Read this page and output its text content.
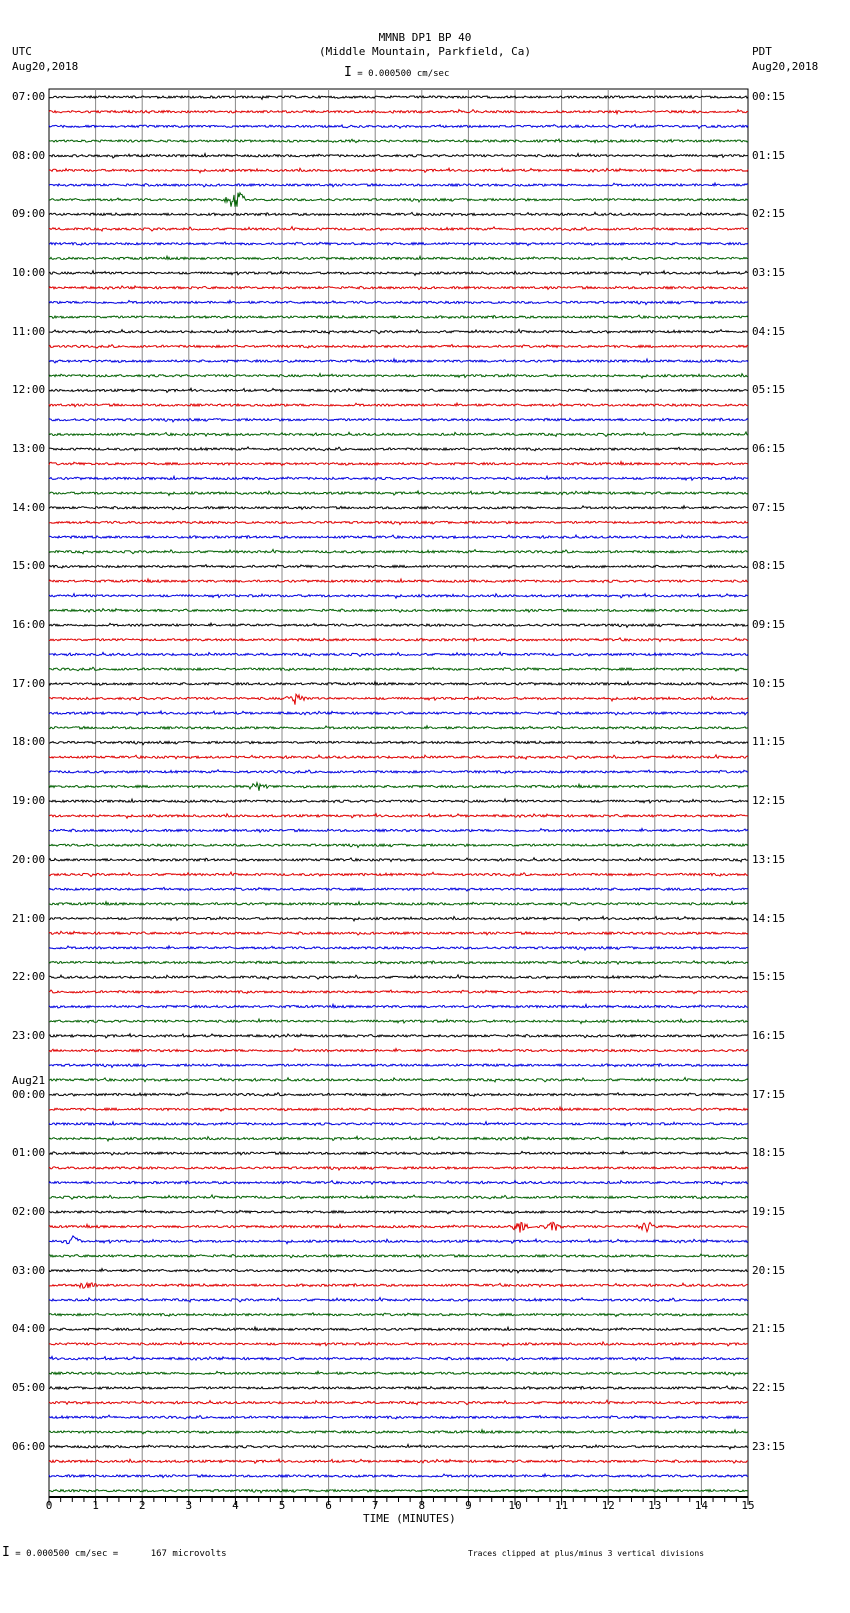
MMNB DP1 BP 40
(Middle Mountain, Parkfield, Ca)
UTC
Aug20,2018
PDT
Aug20,2018
I = 0.000500 cm/sec
TIME (MINUTES)
I = 0.000500 cm/sec =      167 microvolts	Traces clipped at plus/minus 3 vertical divisions
0	1	2	3	4	5	6	7	8	9	10	11	12	13	14	15
07:00
08:00
09:00
10:00
11:00
12:00
13:00
14:00
15:00
16:00
17:00
18:00
19:00
20:00
21:00
22:00
23:00
00:00
Aug21
01:00
02:00
03:00
04:00
05:00
06:00
00:15
01:15
02:15
03:15
04:15
05:15
06:15
07:15
08:15
09:15
10:15
11:15
12:15
13:15
14:15
15:15
16:15
17:15
18:15
19:15
20:15
21:15
22:15
23:15
